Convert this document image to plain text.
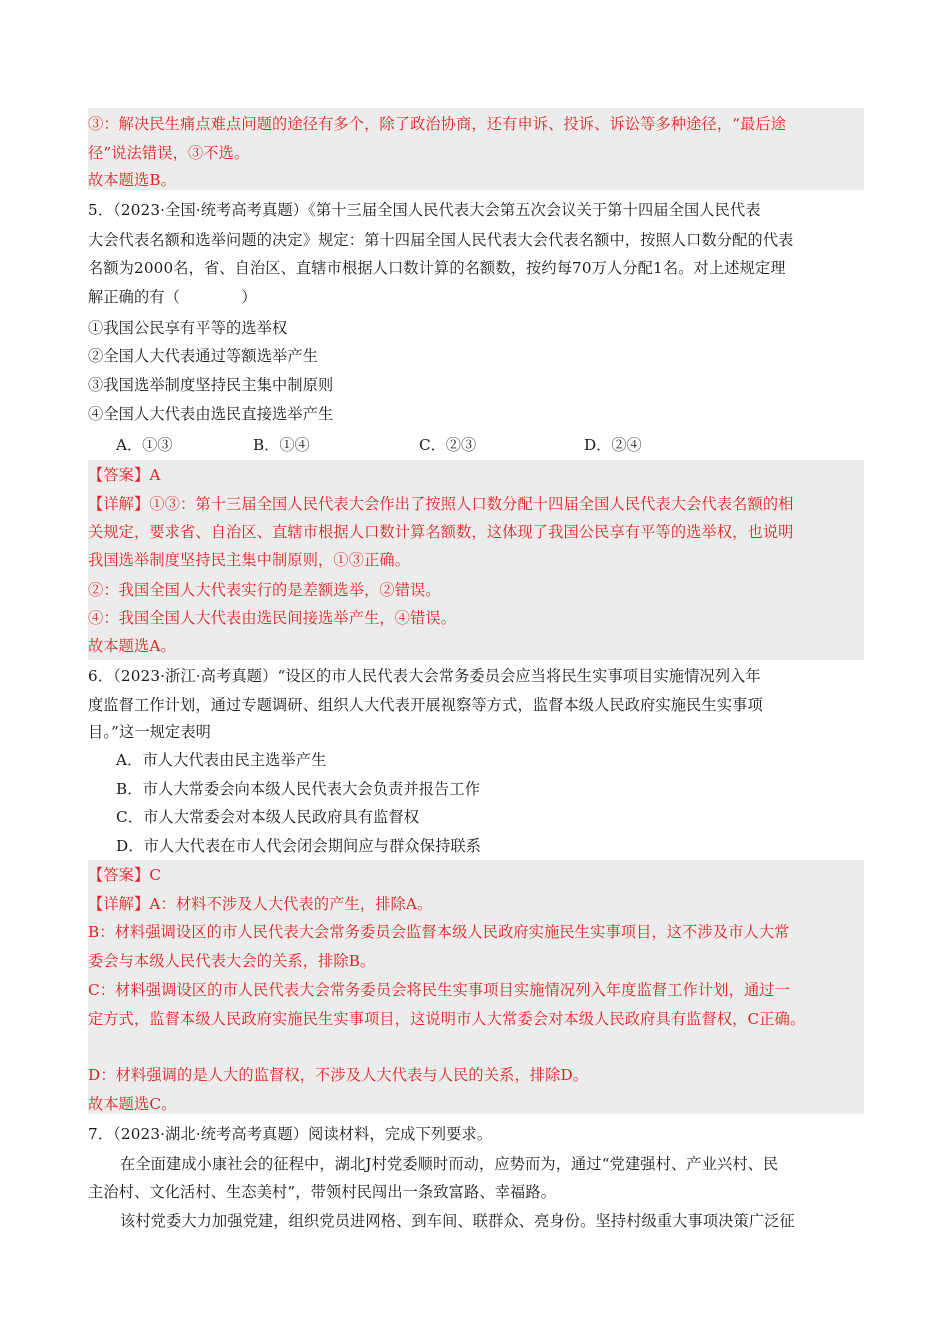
③：解决民生痛点难点问题的途径有多个，除了政治协商，还有申诉、投诉、诉讼等多种途径，“最后途
径”说法错误，③不选。
故本题选B。
5．（2023·全国·统考高考真题）《第十三届全国人民代表大会第五次会议关于第十四届全国人民代表
大会代表名额和选举问题的决定》规定：第十四届全国人民代表大会代表名额中，按照人口数分配的代表
名额为2000名，省、自治区、直辖市根据人口数计算的名额数，按约每70万人分配1名。对上述规定理
解正确的有（　　　　）
①我国公民享有平等的选举权
②全国人大代表通过等额选举产生
③我国选举制度坚持民主集中制原则
④全国人大代表由选民直接选举产生
A．①③	B．①④	C．②③	D．②④
【答案】A
【详解】①③：第十三届全国人民代表大会作出了按照人口数分配十四届全国人民代表大会代表名额的相
关规定，要求省、自治区、直辖市根据人口数计算名额数，这体现了我国公民享有平等的选举权，也说明
我国选举制度坚持民主集中制原则，①③正确。
②：我国全国人大代表实行的是差额选举，②错误。
④：我国全国人大代表由选民间接选举产生，④错误。
故本题选A。
6．（2023·浙江·高考真题）“设区的市人民代表大会常务委员会应当将民生实事项目实施情况列入年
度监督工作计划，通过专题调研、组织人大代表开展视察等方式，监督本级人民政府实施民生实事项
目。”这一规定表明
A．市人大代表由民主选举产生
B．市人大常委会向本级人民代表大会负责并报告工作
C．市人大常委会对本级人民政府具有监督权
D．市人大代表在市人代会闭会期间应与群众保持联系
【答案】C
【详解】A：材料不涉及人大代表的产生，排除A。
B：材料强调设区的市人民代表大会常务委员会监督本级人民政府实施民生实事项目，这不涉及市人大常
委会与本级人民代表大会的关系，排除B。
C：材料强调设区的市人民代表大会常务委员会将民生实事项目实施情况列入年度监督工作计划，通过一
定方式，监督本级人民政府实施民生实事项目，这说明市人大常委会对本级人民政府具有监督权，C正确。
D：材料强调的是人大的监督权，不涉及人大代表与人民的关系，排除D。
故本题选C。
7．（2023·湖北·统考高考真题）阅读材料，完成下列要求。
在全面建成小康社会的征程中，湖北J村党委顺时而动，应势而为，通过“党建强村、产业兴村、民
主治村、文化活村、生态美村”，带领村民闯出一条致富路、幸福路。
该村党委大力加强党建，组织党员进网格、到车间、联群众、亮身份。坚持村级重大事项决策广泛征
